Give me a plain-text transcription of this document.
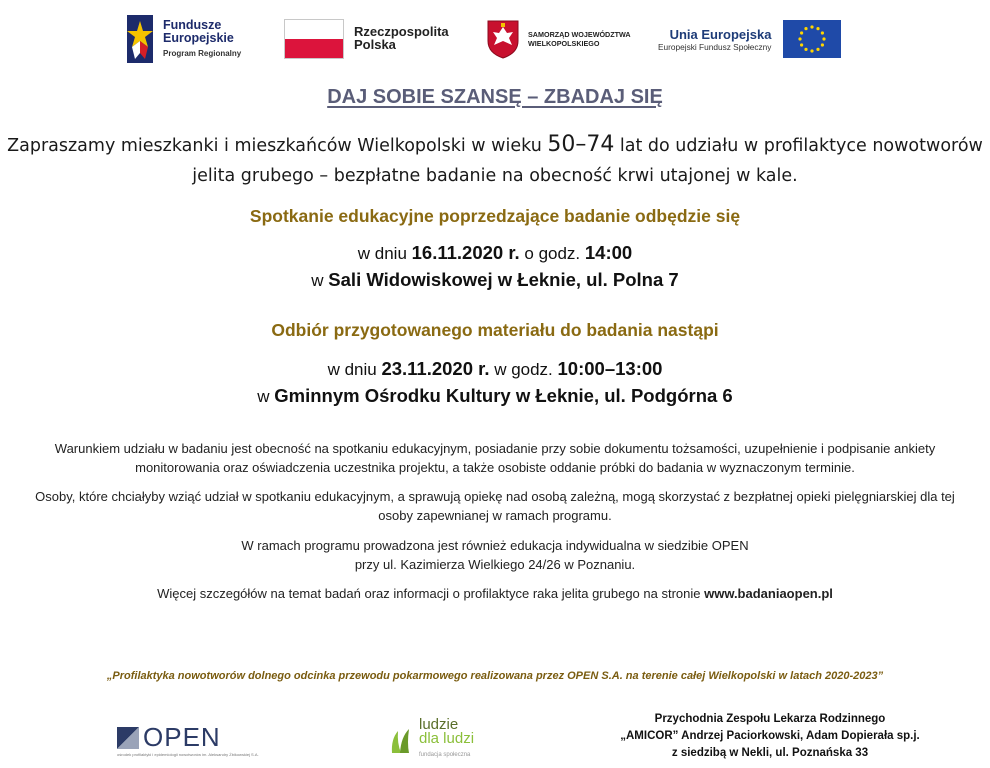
Fundusze
Europejskie
Program Regionalny
Rzeczpospolita
Polska
SAMORZĄD WOJEWÓDZTWA
WIELKOPOLSKIEGO
Unia Europejska
Europejski Fundusz Społeczny
DAJ SOBIE SZANSĘ – ZBADAJ SIĘ
Zapraszamy mieszkanki i mieszkańców Wielkopolski w wieku 50–74 lat do udziału w profilaktyce nowotworów
jelita grubego – bezpłatne badanie na obecność krwi utajonej w kale.
Spotkanie edukacyjne poprzedzające badanie odbędzie się
w dniu 16.11.2020 r. o godz. 14:00
w Sali Widowiskowej w Łeknie, ul. Polna 7
Odbiór przygotowanego materiału do badania nastąpi
w dniu 23.11.2020 r. w godz. 10:00–13:00
w Gminnym Ośrodku Kultury w Łeknie, ul. Podgórna 6
Warunkiem udziału w badaniu jest obecność na spotkaniu edukacyjnym, posiadanie przy sobie dokumentu tożsamości, uzupełnienie i podpisanie ankiety monitorowania oraz oświadczenia uczestnika projektu, a także osobiste oddanie próbki do badania w wyznaczonym terminie.
Osoby, które chciałyby wziąć udział w spotkaniu edukacyjnym, a sprawują opiekę nad osobą zależną, mogą skorzystać z bezpłatnej opieki pielęgniarskiej dla tej osoby zapewnianej w ramach programu.
W ramach programu prowadzona jest również edukacja indywidualna w siedzibie OPEN
przy ul. Kazimierza Wielkiego 24/26 w Poznaniu.
Więcej szczegółów na temat badań oraz informacji o profilaktyce raka jelita grubego na stronie www.badaniaopen.pl
„Profilaktyka nowotworów dolnego odcinka przewodu pokarmowego realizowana przez OPEN S.A. na terenie całej Wielkopolski w latach 2020-2023”
OPEN
ośrodek profilaktyki i epidemiologii nowotworów im. Aleksandry Żbikowskiej S.A.
ludzie
dla ludzi
fundacja społeczna
Przychodnia Zespołu Lekarza Rodzinnego
„AMICOR” Andrzej Paciorkowski, Adam Dopierała sp.j.
z siedzibą w Nekli, ul. Poznańska 33
